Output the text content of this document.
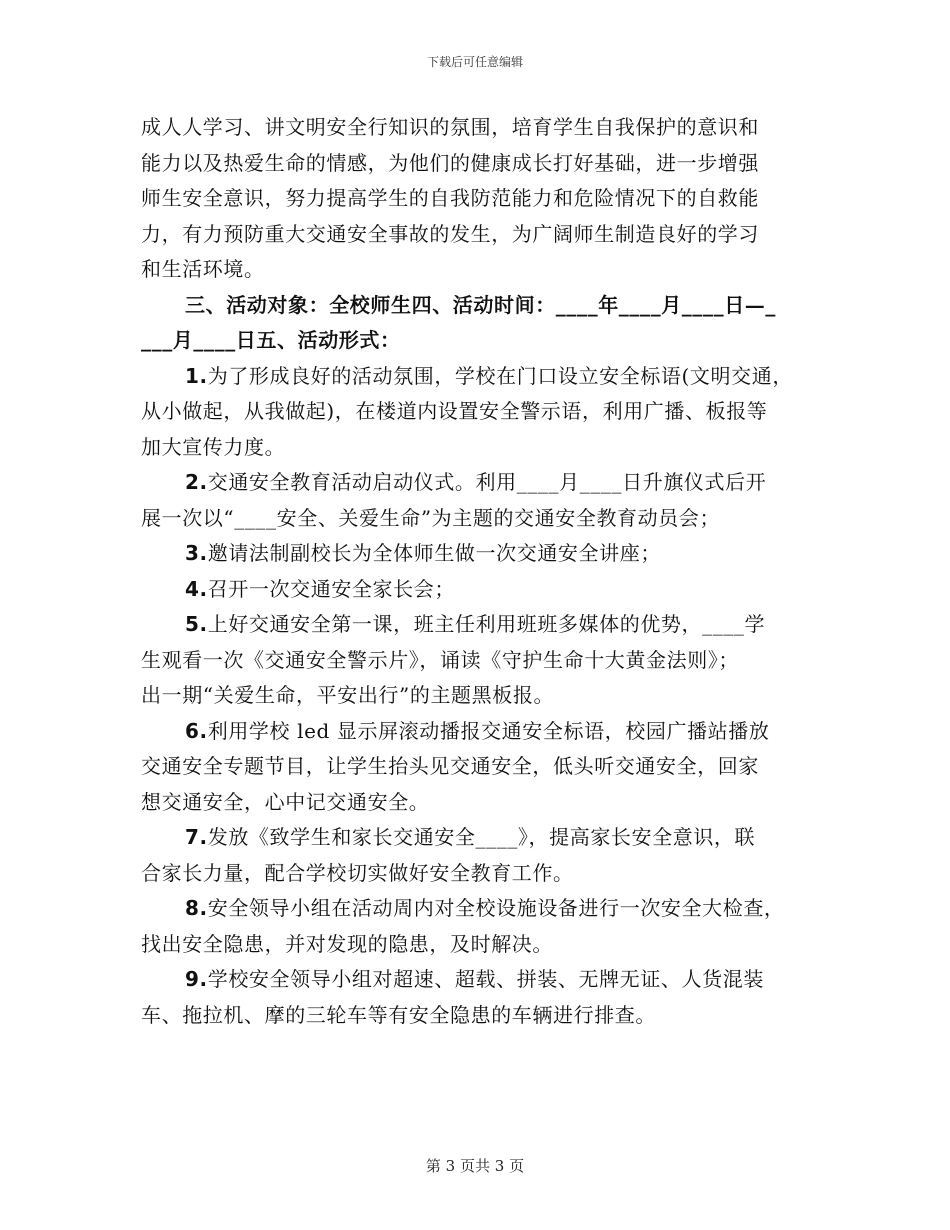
下载后可任意编辑
成人人学习、讲文明安全行知识的氛围，培育学生自我保护的意识和
能力以及热爱生命的情感，为他们的健康成长打好基础，进一步增强
师生安全意识，努力提高学生的自我防范能力和危险情况下的自救能
力，有力预防重大交通安全事故的发生，为广阔师生制造良好的学习
和生活环境。
三、活动对象：全校师生四、活动时间：____年____月____日—_
___月____日五、活动形式：
1.为了形成良好的活动氛围，学校在门口设立安全标语(文明交通，
从小做起，从我做起)，在楼道内设置安全警示语，利用广播、板报等
加大宣传力度。
2.交通安全教育活动启动仪式。利用____月____日升旗仪式后开
展一次以“____安全、关爱生命”为主题的交通安全教育动员会；
3.邀请法制副校长为全体师生做一次交通安全讲座；
4.召开一次交通安全家长会；
5.上好交通安全第一课，班主任利用班班多媒体的优势，____学
生观看一次《交通安全警示片》，诵读《守护生命十大黄金法则》；
出一期“关爱生命，平安出行”的主题黑板报。
6.利用学校 led 显示屏滚动播报交通安全标语，校园广播站播放
交通安全专题节目，让学生抬头见交通安全，低头听交通安全，回家
想交通安全，心中记交通安全。
7.发放《致学生和家长交通安全____》，提高家长安全意识，联
合家长力量，配合学校切实做好安全教育工作。
8.安全领导小组在活动周内对全校设施设备进行一次安全大检查，
找出安全隐患，并对发现的隐患，及时解决。
9.学校安全领导小组对超速、超载、拼装、无牌无证、人货混装
车、拖拉机、摩的三轮车等有安全隐患的车辆进行排查。
第 3 页共 3 页
